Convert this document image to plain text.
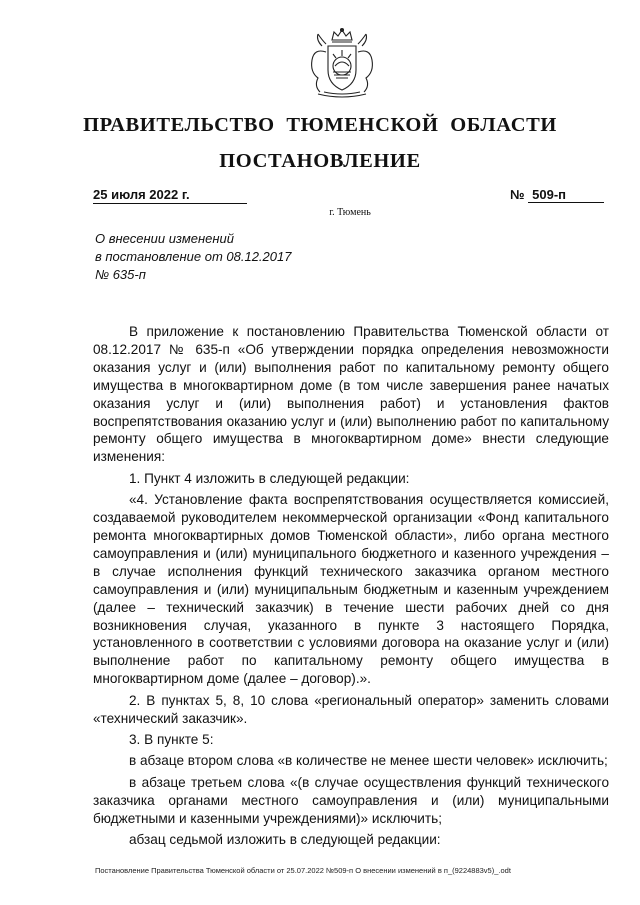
ПРАВИТЕЛЬСТВО ТЮМЕНСКОЙ ОБЛАСТИ
ПОСТАНОВЛЕНИЕ
25 июля 2022 г.	№ 509-п
г. Тюмень
О внесении изменений
в постановление от 08.12.2017
№ 635-п

В приложение к постановлению Правительства Тюменской области от 08.12.2017 № 635-п «Об утверждении порядка определения невозможности оказания услуг и (или) выполнения работ по капитальному ремонту общего имущества в многоквартирном доме (в том числе завершения ранее начатых оказания услуг и (или) выполнения работ) и установления фактов воспрепятствования оказанию услуг и (или) выполнению работ по капитальному ремонту общего имущества в многоквартирном доме» внести следующие изменения:

1. Пункт 4 изложить в следующей редакции:

«4. Установление факта воспрепятствования осуществляется комиссией, создаваемой руководителем некоммерческой организации «Фонд капитального ремонта многоквартирных домов Тюменской области», либо органа местного самоуправления и (или) муниципального бюджетного и казенного учреждения – в случае исполнения функций технического заказчика органом местного самоуправления и (или) муниципальным бюджетным и казенным учреждением (далее – технический заказчик) в течение шести рабочих дней со дня возникновения случая, указанного в пункте 3 настоящего Порядка, установленного в соответствии с условиями договора на оказание услуг и (или) выполнение работ по капитальному ремонту общего имущества в многоквартирном доме (далее – договор).».

2. В пунктах 5, 8, 10 слова «региональный оператор» заменить словами «технический заказчик».

3. В пункте 5:

в абзаце втором слова «в количестве не менее шести человек» исключить;

в абзаце третьем слова «(в случае осуществления функций технического заказчика органами местного самоуправления и (или) муниципальными бюджетными и казенными учреждениями)» исключить;

абзац седьмой изложить в следующей редакции:

Постановление Правительства Тюменской области от 25.07.2022 №509-п О внесении изменений в п_(9224883v5)_.odt
